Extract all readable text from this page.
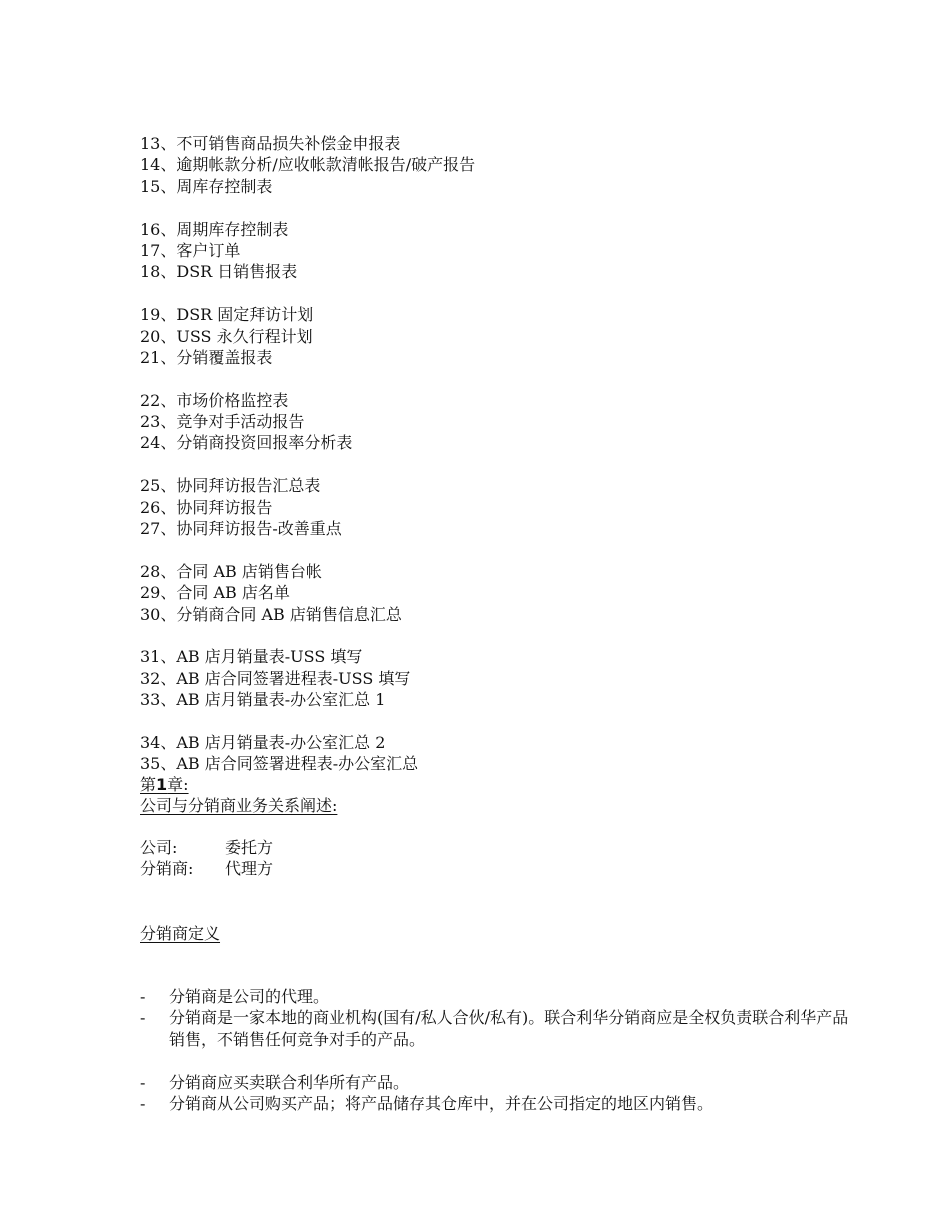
13、不可销售商品损失补偿金申报表
14、逾期帐款分析/应收帐款清帐报告/破产报告
15、周库存控制表
16、周期库存控制表
17、客户订单
18、DSR 日销售报表
19、DSR 固定拜访计划
20、USS 永久行程计划
21、分销覆盖报表
22、市场价格监控表
23、竞争对手活动报告
24、分销商投资回报率分析表
25、协同拜访报告汇总表
26、协同拜访报告
27、协同拜访报告-改善重点
28、合同 AB 店销售台帐
29、合同 AB 店名单
30、分销商合同 AB 店销售信息汇总
31、AB 店月销量表-USS 填写
32、AB 店合同签署进程表-USS 填写
33、AB 店月销量表-办公室汇总 1
34、AB 店月销量表-办公室汇总 2
35、AB 店合同签署进程表-办公室汇总
第1章:
公司与分销商业务关系阐述:
公司:	委托方
分销商:	代理方
分销商定义
-	分销商是公司的代理。
-	分销商是一家本地的商业机构(国有/私人合伙/私有)。联合利华分销商应是全权负责联合利华产品销售，不销售任何竞争对手的产品。
-	分销商应买卖联合利华所有产品。
-	分销商从公司购买产品；将产品储存其仓库中，并在公司指定的地区内销售。
